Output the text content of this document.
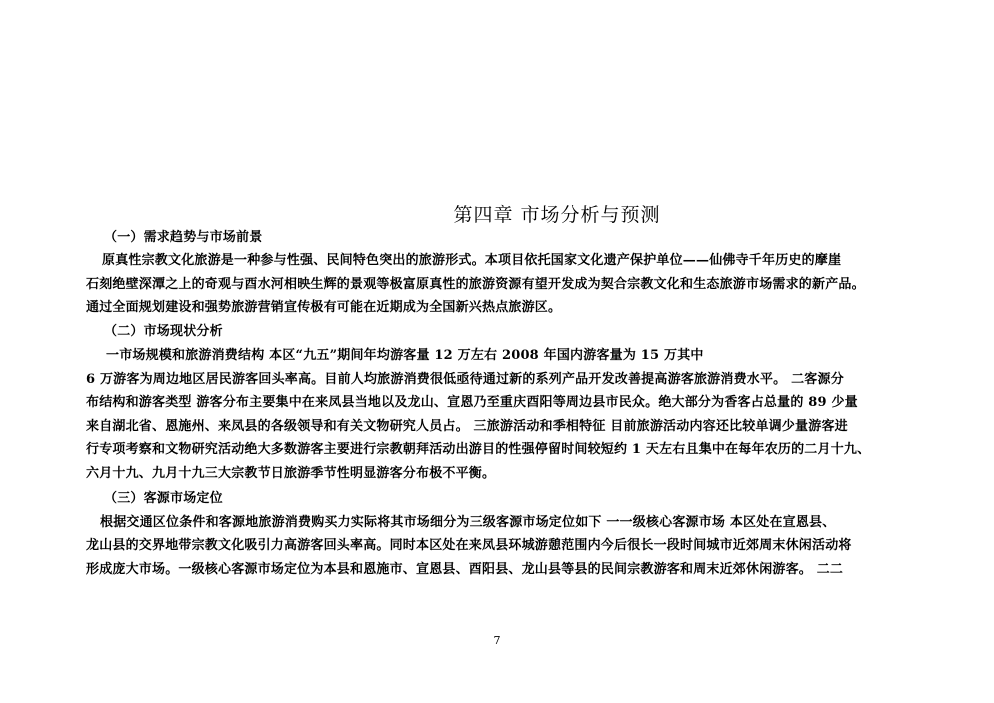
第四章 市场分析与预测
（一）需求趋势与市场前景
原真性宗教文化旅游是一种参与性强、民间特色突出的旅游形式。本项目依托国家文化遗产保护单位——仙佛寺千年历史的摩崖
石刻绝壁深潭之上的奇观与酉水河相映生辉的景观等极富原真性的旅游资源有望开发成为契合宗教文化和生态旅游市场需求的新产品。
通过全面规划建设和强势旅游营销宣传极有可能在近期成为全国新兴热点旅游区。
（二）市场现状分析
一市场规模和旅游消费结构 本区“九五”期间年均游客量 12 万左右 2008 年国内游客量为 15 万其中
6 万游客为周边地区居民游客回头率高。目前人均旅游消费很低亟待通过新的系列产品开发改善提高游客旅游消费水平。 二客源分
布结构和游客类型 游客分布主要集中在来凤县当地以及龙山、宣恩乃至重庆酉阳等周边县市民众。绝大部分为香客占总量的 89 少量
来自湖北省、恩施州、来凤县的各级领导和有关文物研究人员占。 三旅游活动和季相特征 目前旅游活动内容还比较单调少量游客进
行专项考察和文物研究活动绝大多数游客主要进行宗教朝拜活动出游目的性强停留时间较短约 1 天左右且集中在每年农历的二月十九、
六月十九、九月十九三大宗教节日旅游季节性明显游客分布极不平衡。
（三）客源市场定位
根据交通区位条件和客源地旅游消费购买力实际将其市场细分为三级客源市场定位如下 一一级核心客源市场 本区处在宣恩县、
龙山县的交界地带宗教文化吸引力高游客回头率高。同时本区处在来凤县环城游憩范围内今后很长一段时间城市近郊周末休闲活动将
形成庞大市场。一级核心客源市场定位为本县和恩施市、宣恩县、酉阳县、龙山县等县的民间宗教游客和周末近郊休闲游客。 二二
7
